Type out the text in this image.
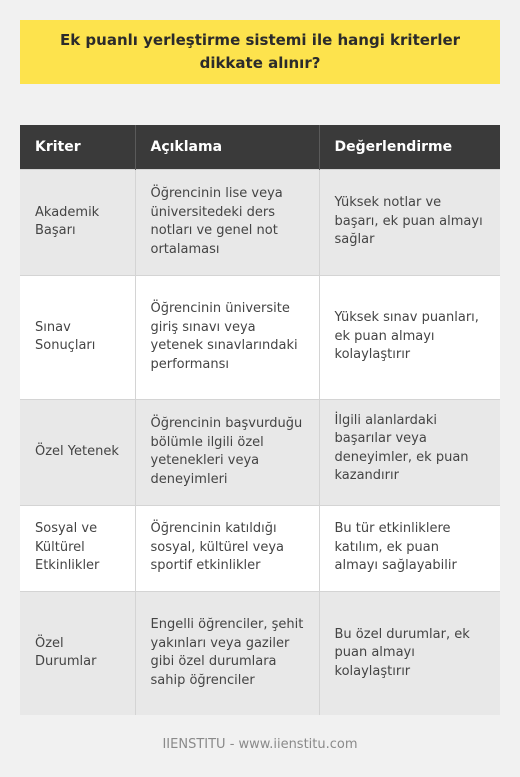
Ek puanlı yerleştirme sistemi ile hangi kriterler dikkate alınır?
Kriter	Açıklama	Değerlendirme
Akademik Başarı	Öğrencinin lise veya üniversitedeki ders notları ve genel not ortalaması	Yüksek notlar ve başarı, ek puan almayı sağlar
Sınav Sonuçları	Öğrencinin üniversite giriş sınavı veya yetenek sınavlarındaki performansı	Yüksek sınav puanları, ek puan almayı kolaylaştırır
Özel Yetenek	Öğrencinin başvurduğu bölümle ilgili özel yetenekleri veya deneyimleri	İlgili alanlardaki başarılar veya deneyimler, ek puan kazandırır
Sosyal ve Kültürel Etkinlikler	Öğrencinin katıldığı sosyal, kültürel veya sportif etkinlikler	Bu tür etkinliklere katılım, ek puan almayı sağlayabilir
Özel Durumlar	Engelli öğrenciler, şehit yakınları veya gaziler gibi özel durumlara sahip öğrenciler	Bu özel durumlar, ek puan almayı kolaylaştırır
IIENSTITU - www.iienstitu.com
